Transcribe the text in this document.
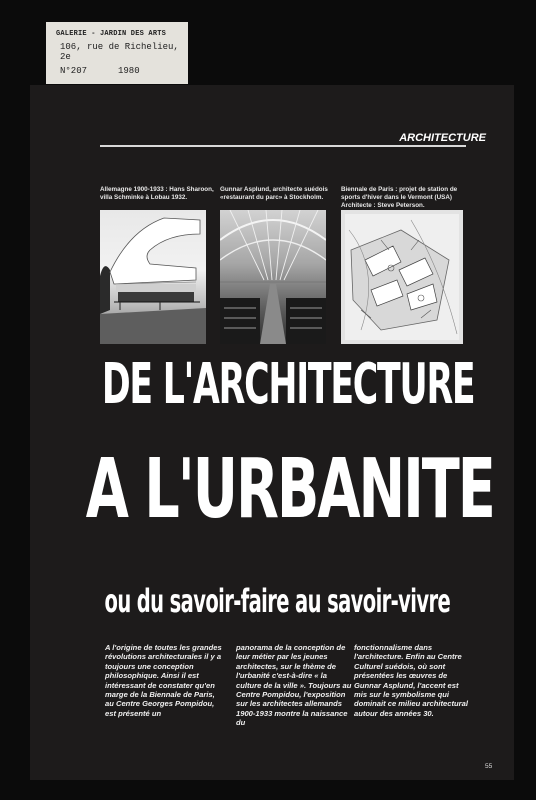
GALERIE - JARDIN DES ARTS
106, rue de Richelieu, 2e
N°207	1980
ARCHITECTURE
Allemagne 1900-1933 : Hans Sharoon, villa Schminke à Lobau 1932.
Gunnar Asplund, architecte suédois «restaurant du parc» à Stockholm.
Biennale de Paris : projet de station de sports d'hiver dans le Vermont (USA) Architecte : Steve Peterson.
DE L'ARCHITECTURE
A L'URBANITE
ou du savoir-faire au savoir-vivre
A l'origine de toutes les grandes révolutions architecturales il y a toujours une conception philosophique. Ainsi il est intéressant de constater qu'en marge de la Biennale de Paris, au Centre Georges Pompidou, est présenté un
panorama de la conception de leur métier par les jeunes architectes, sur le thème de l'urbanité c'est-à-dire « la culture de la ville ». Toujours au Centre Pompidou, l'exposition sur les architectes allemands 1900-1933 montre la naissance du
fonctionnalisme dans l'architecture. Enfin au Centre Culturel suédois, où sont présentées les œuvres de Gunnar Asplund, l'accent est mis sur le symbolisme qui dominait ce milieu architectural autour des années 30.
55
